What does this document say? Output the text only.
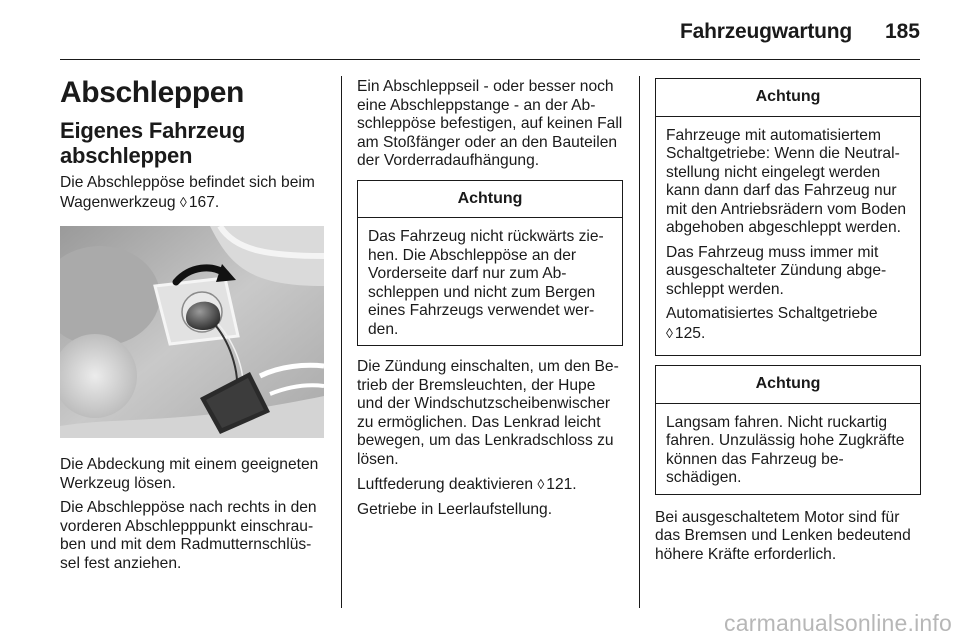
Fahrzeugwartung	185
Abschleppen
Eigenes Fahrzeug abschleppen

Die Abschleppöse befindet sich beim Wagenwerkzeug ◊ 167.

Die Abdeckung mit einem geeigneten Werkzeug lösen.

Die Abschleppöse nach rechts in den vorderen Abschlepppunkt einschrauben und mit dem Radmutternschlüssel fest anziehen.

Ein Abschleppseil - oder besser noch eine Abschleppstange - an der Abschleppöse befestigen, auf keinen Fall am Stoßfänger oder an den Bauteilen der Vorderradaufhängung.

Achtung
Das Fahrzeug nicht rückwärts ziehen. Die Abschleppöse an der Vorderseite darf nur zum Abschleppen und nicht zum Bergen eines Fahrzeugs verwendet werden.

Die Zündung einschalten, um den Betrieb der Bremsleuchten, der Hupe und der Windschutzscheibenwischer zu ermöglichen. Das Lenkrad leicht bewegen, um das Lenkradschloss zu lösen.

Luftfederung deaktivieren ◊ 121.

Getriebe in Leerlaufstellung.

Achtung

Fahrzeuge mit automatisiertem Schaltgetriebe: Wenn die Neutralstellung nicht eingelegt werden kann dann darf das Fahrzeug nur mit den Antriebsrädern vom Boden abgehoben abgeschleppt werden.

Das Fahrzeug muss immer mit ausgeschalteter Zündung abgeschleppt werden.

Automatisiertes Schaltgetriebe
◊ 125.

Achtung
Langsam fahren. Nicht ruckartig fahren. Unzulässig hohe Zugkräfte können das Fahrzeug beschädigen.

Bei ausgeschaltetem Motor sind für das Bremsen und Lenken bedeutend höhere Kräfte erforderlich.

carmanualsonline.info
